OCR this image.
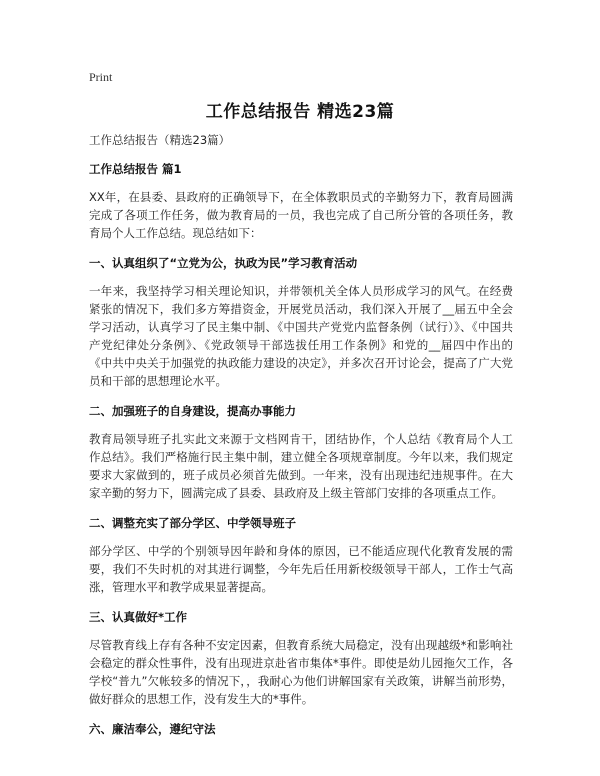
Print
工作总结报告 精选23篇
工作总结报告（精选23篇）
工作总结报告 篇1

XX年，在县委、县政府的正确领导下，在全体教职员式的辛勤努力下，教育局圆满完成了各项工作任务，做为教育局的一员，我也完成了自己所分管的各项任务，教育局个人工作总结。现总结如下：

一、认真组织了“立党为公，执政为民”学习教育活动

一年来，我坚持学习相关理论知识，并带领机关全体人员形成学习的风气。在经费紧张的情况下，我们多方筹措资金，开展党员活动，我们深入开展了__届五中全会学习活动，认真学习了民主集中制、《中国共产党党内监督条例（试行）》、《中国共产党纪律处分条例》、《党政领导干部选拔任用工作条例》和党的__届四中作出的《中共中央关于加强党的执政能力建设的决定》，并多次召开讨论会，提高了广大党员和干部的思想理论水平。

二、加强班子的自身建设，提高办事能力

教育局领导班子扎实此文来源于文档网肯干，团结协作，个人总结《教育局个人工作总结》。我们严格施行民主集中制，建立健全各项规章制度。今年以来，我们规定要求大家做到的，班子成员必须首先做到。一年来，没有出现违纪违规事件。在大家辛勤的努力下，圆满完成了县委、县政府及上级主管部门安排的各项重点工作。

二、调整充实了部分学区、中学领导班子

部分学区、中学的个别领导因年龄和身体的原因，已不能适应现代化教育发展的需要，我们不失时机的对其进行调整，今年先后任用新校级领导干部人，工作士气高涨，管理水平和教学成果显著提高。

三、认真做好*工作

尽管教育线上存有各种不安定因素，但教育系统大局稳定，没有出现越级*和影响社会稳定的群众性事件，没有出现进京赴省市集体*事件。即使是幼儿园拖欠工作，各学校“普九”欠帐较多的情况下，，我耐心为他们讲解国家有关政策，讲解当前形势，做好群众的思想工作，没有发生大的*事件。

六、廉洁奉公，遵纪守法
